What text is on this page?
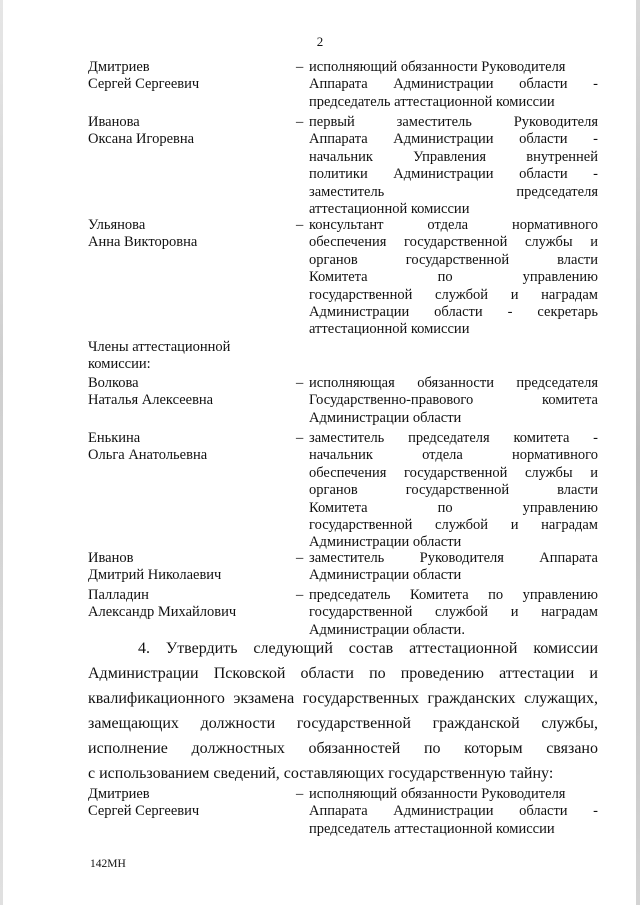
2
Дмитриев
Сергей Сергеевич
– исполняющий обязанности Руководителя
Аппарата Администрации области -
председатель аттестационной комиссии
Иванова
Оксана Игоревна
– первый заместитель Руководителя
Аппарата Администрации области -
начальник Управления внутренней
политики Администрации области -
заместитель председателя
аттестационной комиссии
Ульянова
Анна Викторовна
– консультант отдела нормативного
обеспечения государственной службы и
органов государственной власти
Комитета по управлению
государственной службой и наградам
Администрации области - секретарь
аттестационной комиссии
Члены аттестационной
комиссии:
Волкова
Наталья Алексеевна
– исполняющая обязанности председателя
Государственно-правового комитета
Администрации области
Енькина
Ольга Анатольевна
– заместитель председателя комитета -
начальник отдела нормативного
обеспечения государственной службы и
органов государственной власти
Комитета по управлению
государственной службой и наградам
Администрации области
Иванов
Дмитрий Николаевич
– заместитель Руководителя Аппарата
Администрации области
Палладин
Александр Михайлович
– председатель Комитета по управлению
государственной службой и наградам
Администрации области.
4. Утвердить следующий состав аттестационной комиссии
Администрации Псковской области по проведению аттестации и
квалификационного экзамена государственных гражданских служащих,
замещающих должности государственной гражданской службы,
исполнение должностных обязанностей по которым связано
с использованием сведений, составляющих государственную тайну:
Дмитриев
Сергей Сергеевич
– исполняющий обязанности Руководителя
Аппарата Администрации области -
председатель аттестационной комиссии
142МН
